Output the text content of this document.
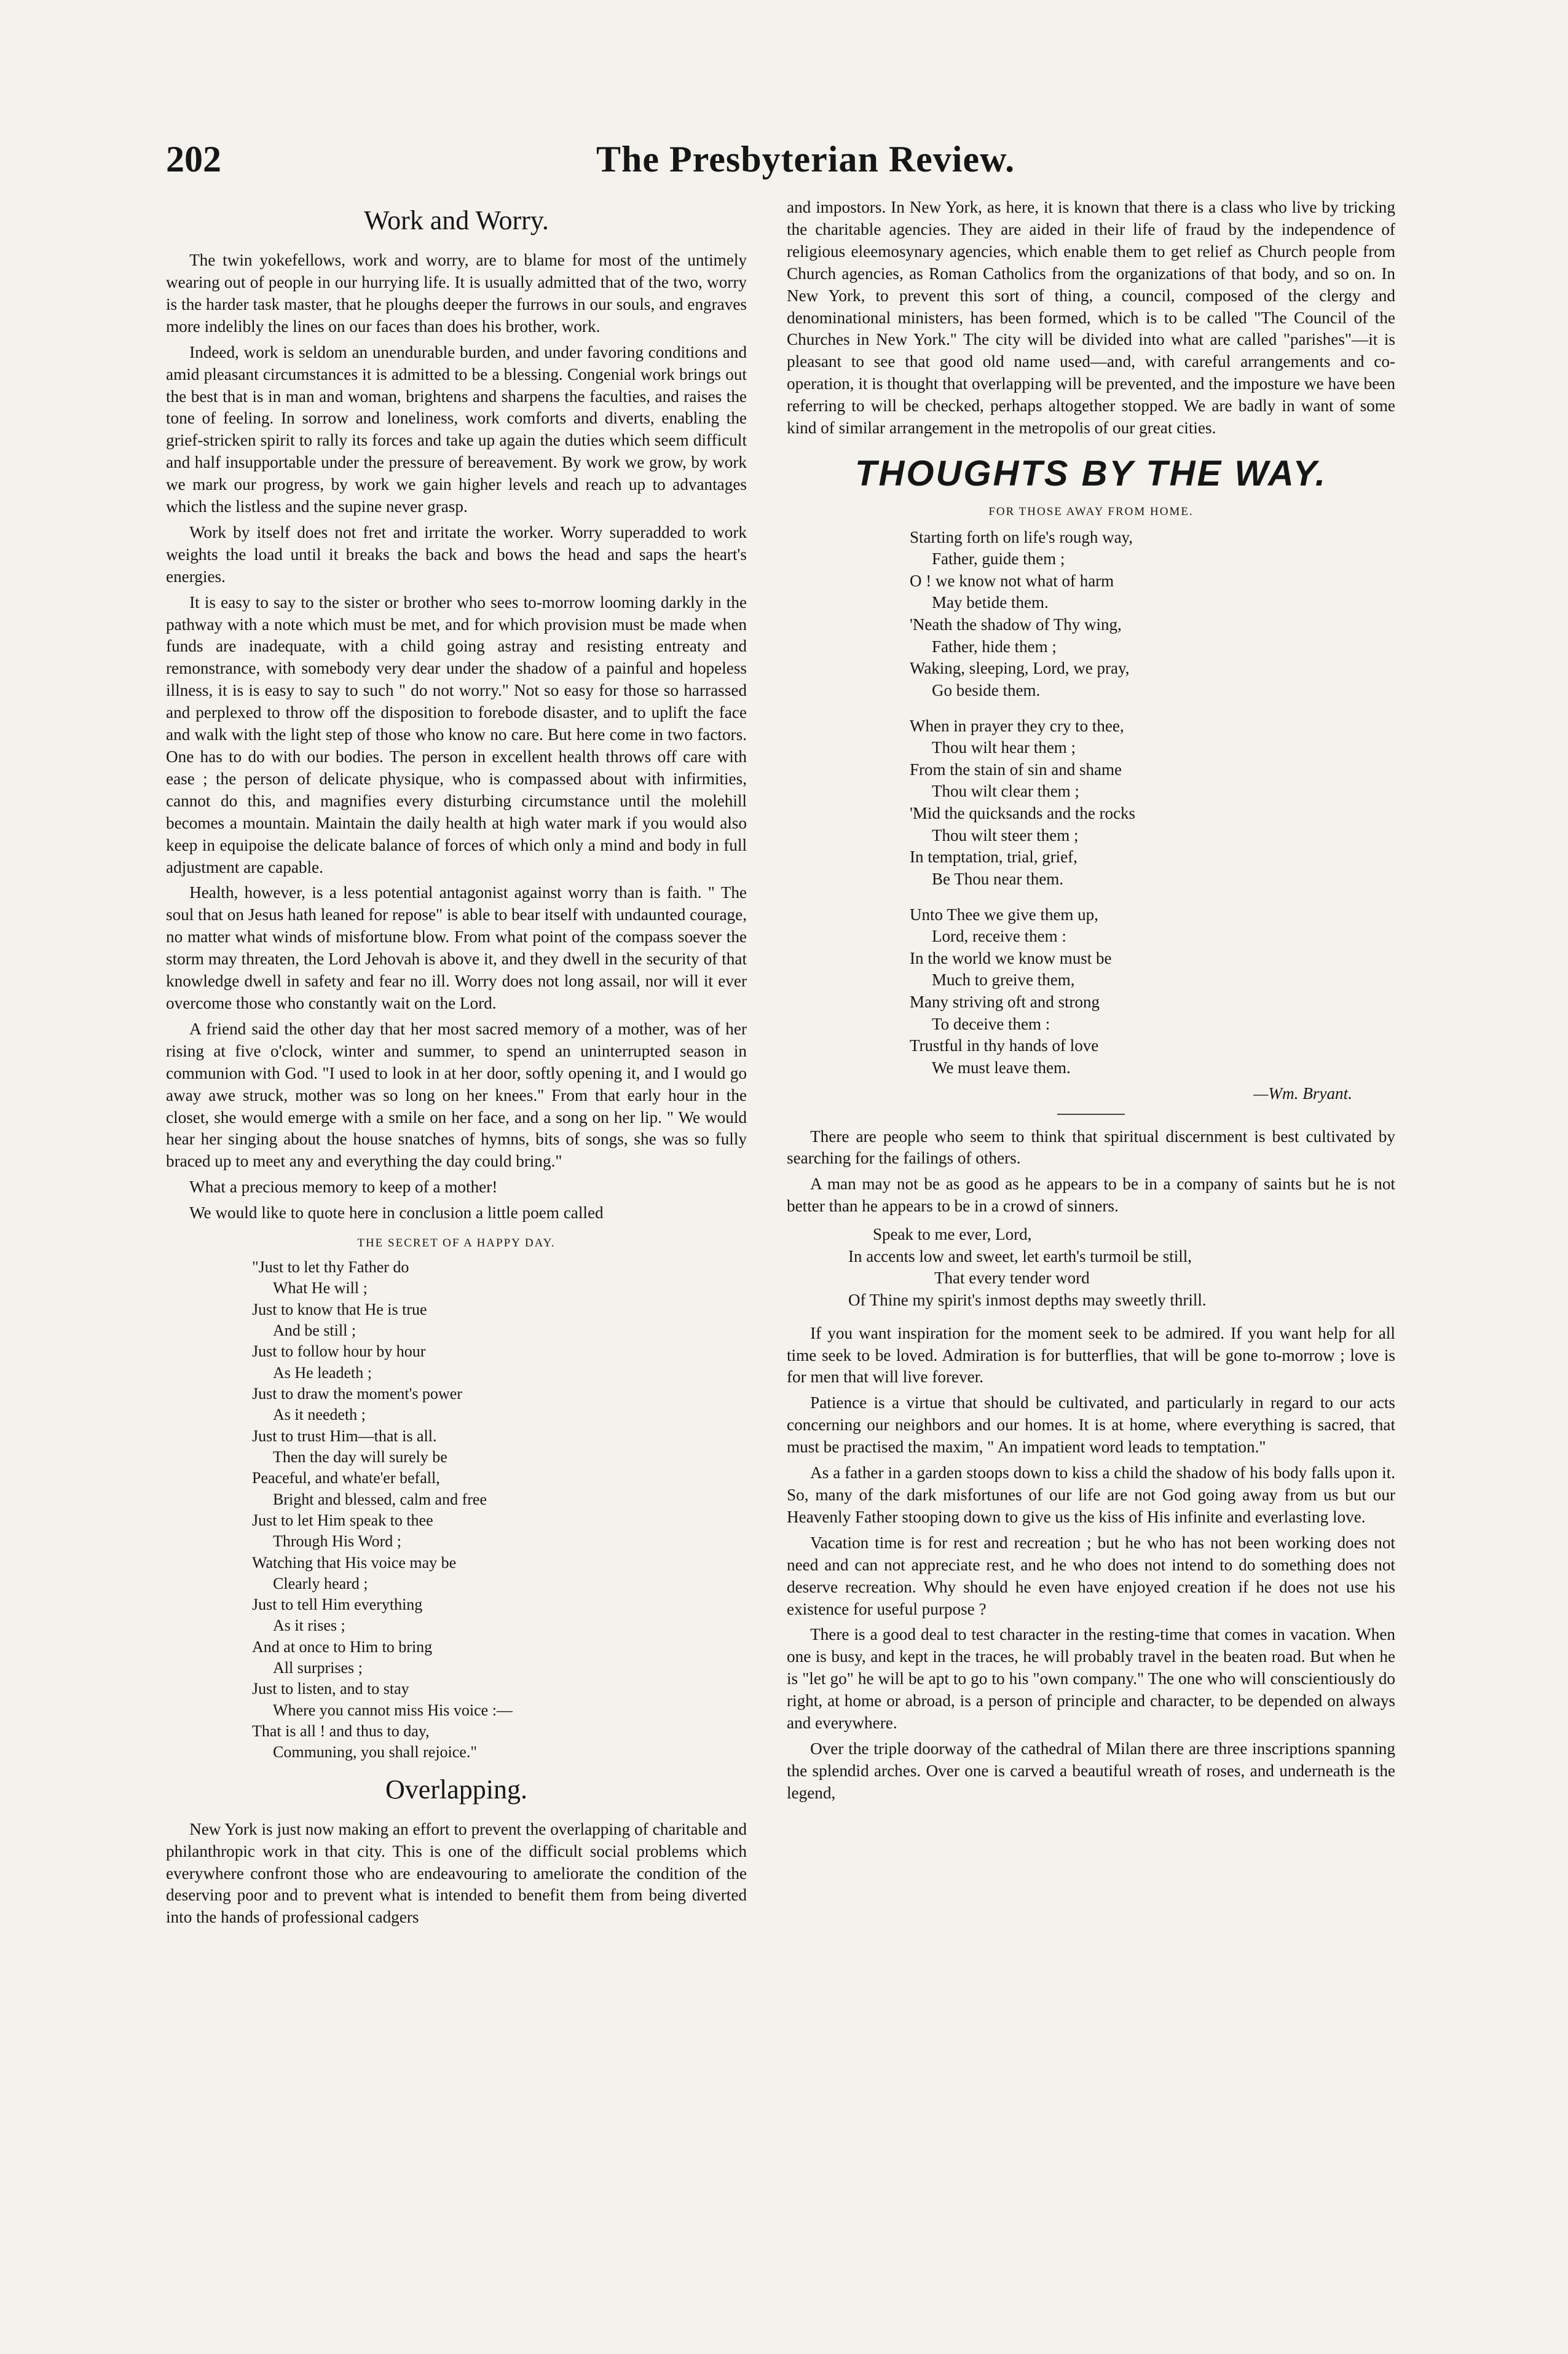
202	The Presbyterian Review.
Work and Worry.

The twin yokefellows, work and worry, are to blame for most of the untimely wearing out of people in our hurrying life. It is usually admitted that of the two, worry is the harder task master, that he ploughs deeper the furrows in our souls, and engraves more indelibly the lines on our faces than does his brother, work.

Indeed, work is seldom an unendurable burden, and under favoring conditions and amid pleasant circumstances it is admitted to be a blessing. Congenial work brings out the best that is in man and woman, brightens and sharpens the faculties, and raises the tone of feeling. In sorrow and loneliness, work comforts and diverts, enabling the grief-stricken spirit to rally its forces and take up again the duties which seem difficult and half insupportable under the pressure of bereavement. By work we grow, by work we mark our progress, by work we gain higher levels and reach up to advantages which the listless and the supine never grasp.

Work by itself does not fret and irritate the worker. Worry superadded to work weights the load until it breaks the back and bows the head and saps the heart's energies.

It is easy to say to the sister or brother who sees to-morrow looming darkly in the pathway with a note which must be met, and for which provision must be made when funds are inadequate, with a child going astray and resisting entreaty and remonstrance, with somebody very dear under the shadow of a painful and hopeless illness, it is is easy to say to such " do not worry." Not so easy for those so harrassed and perplexed to throw off the disposition to forebode disaster, and to uplift the face and walk with the light step of those who know no care. But here come in two factors. One has to do with our bodies. The person in excellent health throws off care with ease ; the person of delicate physique, who is compassed about with infirmities, cannot do this, and magnifies every disturbing circumstance until the molehill becomes a mountain. Maintain the daily health at high water mark if you would also keep in equipoise the delicate balance of forces of which only a mind and body in full adjustment are capable.

Health, however, is a less potential antagonist against worry than is faith. " The soul that on Jesus hath leaned for repose" is able to bear itself with undaunted courage, no matter what winds of misfortune blow. From what point of the compass soever the storm may threaten, the Lord Jehovah is above it, and they dwell in the security of that knowledge dwell in safety and fear no ill. Worry does not long assail, nor will it ever overcome those who constantly wait on the Lord.

A friend said the other day that her most sacred memory of a mother, was of her rising at five o'clock, winter and summer, to spend an uninterrupted season in communion with God. "I used to look in at her door, softly opening it, and I would go away awe struck, mother was so long on her knees." From that early hour in the closet, she would emerge with a smile on her face, and a song on her lip. " We would hear her singing about the house snatches of hymns, bits of songs, she was so fully braced up to meet any and everything the day could bring."

What a precious memory to keep of a mother!

We would like to quote here in conclusion a little poem called

THE SECRET OF A HAPPY DAY.
"Just to let thy Father do
What He will ;
Just to know that He is true
And be still ;
Just to follow hour by hour
As He leadeth ;
Just to draw the moment's power
As it needeth ;
Just to trust Him—that is all.
Then the day will surely be
Peaceful, and whate'er befall,
Bright and blessed, calm and free
Just to let Him speak to thee
Through His Word ;
Watching that His voice may be
Clearly heard ;
Just to tell Him everything
As it rises ;
And at once to Him to bring
All surprises ;
Just to listen, and to stay
Where you cannot miss His voice :—
That is all ! and thus to day,
Communing, you shall rejoice."
Overlapping.

New York is just now making an effort to prevent the overlapping of charitable and philanthropic work in that city. This is one of the difficult social problems which everywhere confront those who are endeavouring to ameliorate the condition of the deserving poor and to prevent what is intended to benefit them from being diverted into the hands of professional cadgers

and impostors. In New York, as here, it is known that there is a class who live by tricking the charitable agencies. They are aided in their life of fraud by the independence of religious eleemosynary agencies, which enable them to get relief as Church people from Church agencies, as Roman Catholics from the organizations of that body, and so on. In New York, to prevent this sort of thing, a council, composed of the clergy and denominational ministers, has been formed, which is to be called "The Council of the Churches in New York." The city will be divided into what are called "parishes"—it is pleasant to see that good old name used—and, with careful arrangements and co-operation, it is thought that overlapping will be prevented, and the imposture we have been referring to will be checked, perhaps altogether stopped. We are badly in want of some kind of similar arrangement in the metropolis of our great cities.

THOUGHTS BY THE WAY.
FOR THOSE AWAY FROM HOME.
Starting forth on life's rough way,
Father, guide them ;
O ! we know not what of harm
May betide them.
'Neath the shadow of Thy wing,
Father, hide them ;
Waking, sleeping, Lord, we pray,
Go beside them.
When in prayer they cry to thee,
Thou wilt hear them ;
From the stain of sin and shame
Thou wilt clear them ;
'Mid the quicksands and the rocks
Thou wilt steer them ;
In temptation, trial, grief,
Be Thou near them.
Unto Thee we give them up,
Lord, receive them :
In the world we know must be
Much to greive them,
Many striving oft and strong
To deceive them :
Trustful in thy hands of love
We must leave them.
—Wm. Bryant.

There are people who seem to think that spiritual discernment is best cultivated by searching for the failings of others.

A man may not be as good as he appears to be in a company of saints but he is not better than he appears to be in a crowd of sinners.

Speak to me ever, Lord,
In accents low and sweet, let earth's turmoil be still,
That every tender word
Of Thine my spirit's inmost depths may sweetly thrill.

If you want inspiration for the moment seek to be admired. If you want help for all time seek to be loved. Admiration is for butterflies, that will be gone to-morrow ; love is for men that will live forever.

Patience is a virtue that should be cultivated, and particularly in regard to our acts concerning our neighbors and our homes. It is at home, where everything is sacred, that must be practised the maxim, " An impatient word leads to temptation."

As a father in a garden stoops down to kiss a child the shadow of his body falls upon it. So, many of the dark misfortunes of our life are not God going away from us but our Heavenly Father stooping down to give us the kiss of His infinite and everlasting love.

Vacation time is for rest and recreation ; but he who has not been working does not need and can not appreciate rest, and he who does not intend to do something does not deserve recreation. Why should he even have enjoyed creation if he does not use his existence for useful purpose ?

There is a good deal to test character in the resting-time that comes in vacation. When one is busy, and kept in the traces, he will probably travel in the beaten road. But when he is "let go" he will be apt to go to his "own company." The one who will conscientiously do right, at home or abroad, is a person of principle and character, to be depended on always and everywhere.

Over the triple doorway of the cathedral of Milan there are three inscriptions spanning the splendid arches. Over one is carved a beautiful wreath of roses, and underneath is the legend,
